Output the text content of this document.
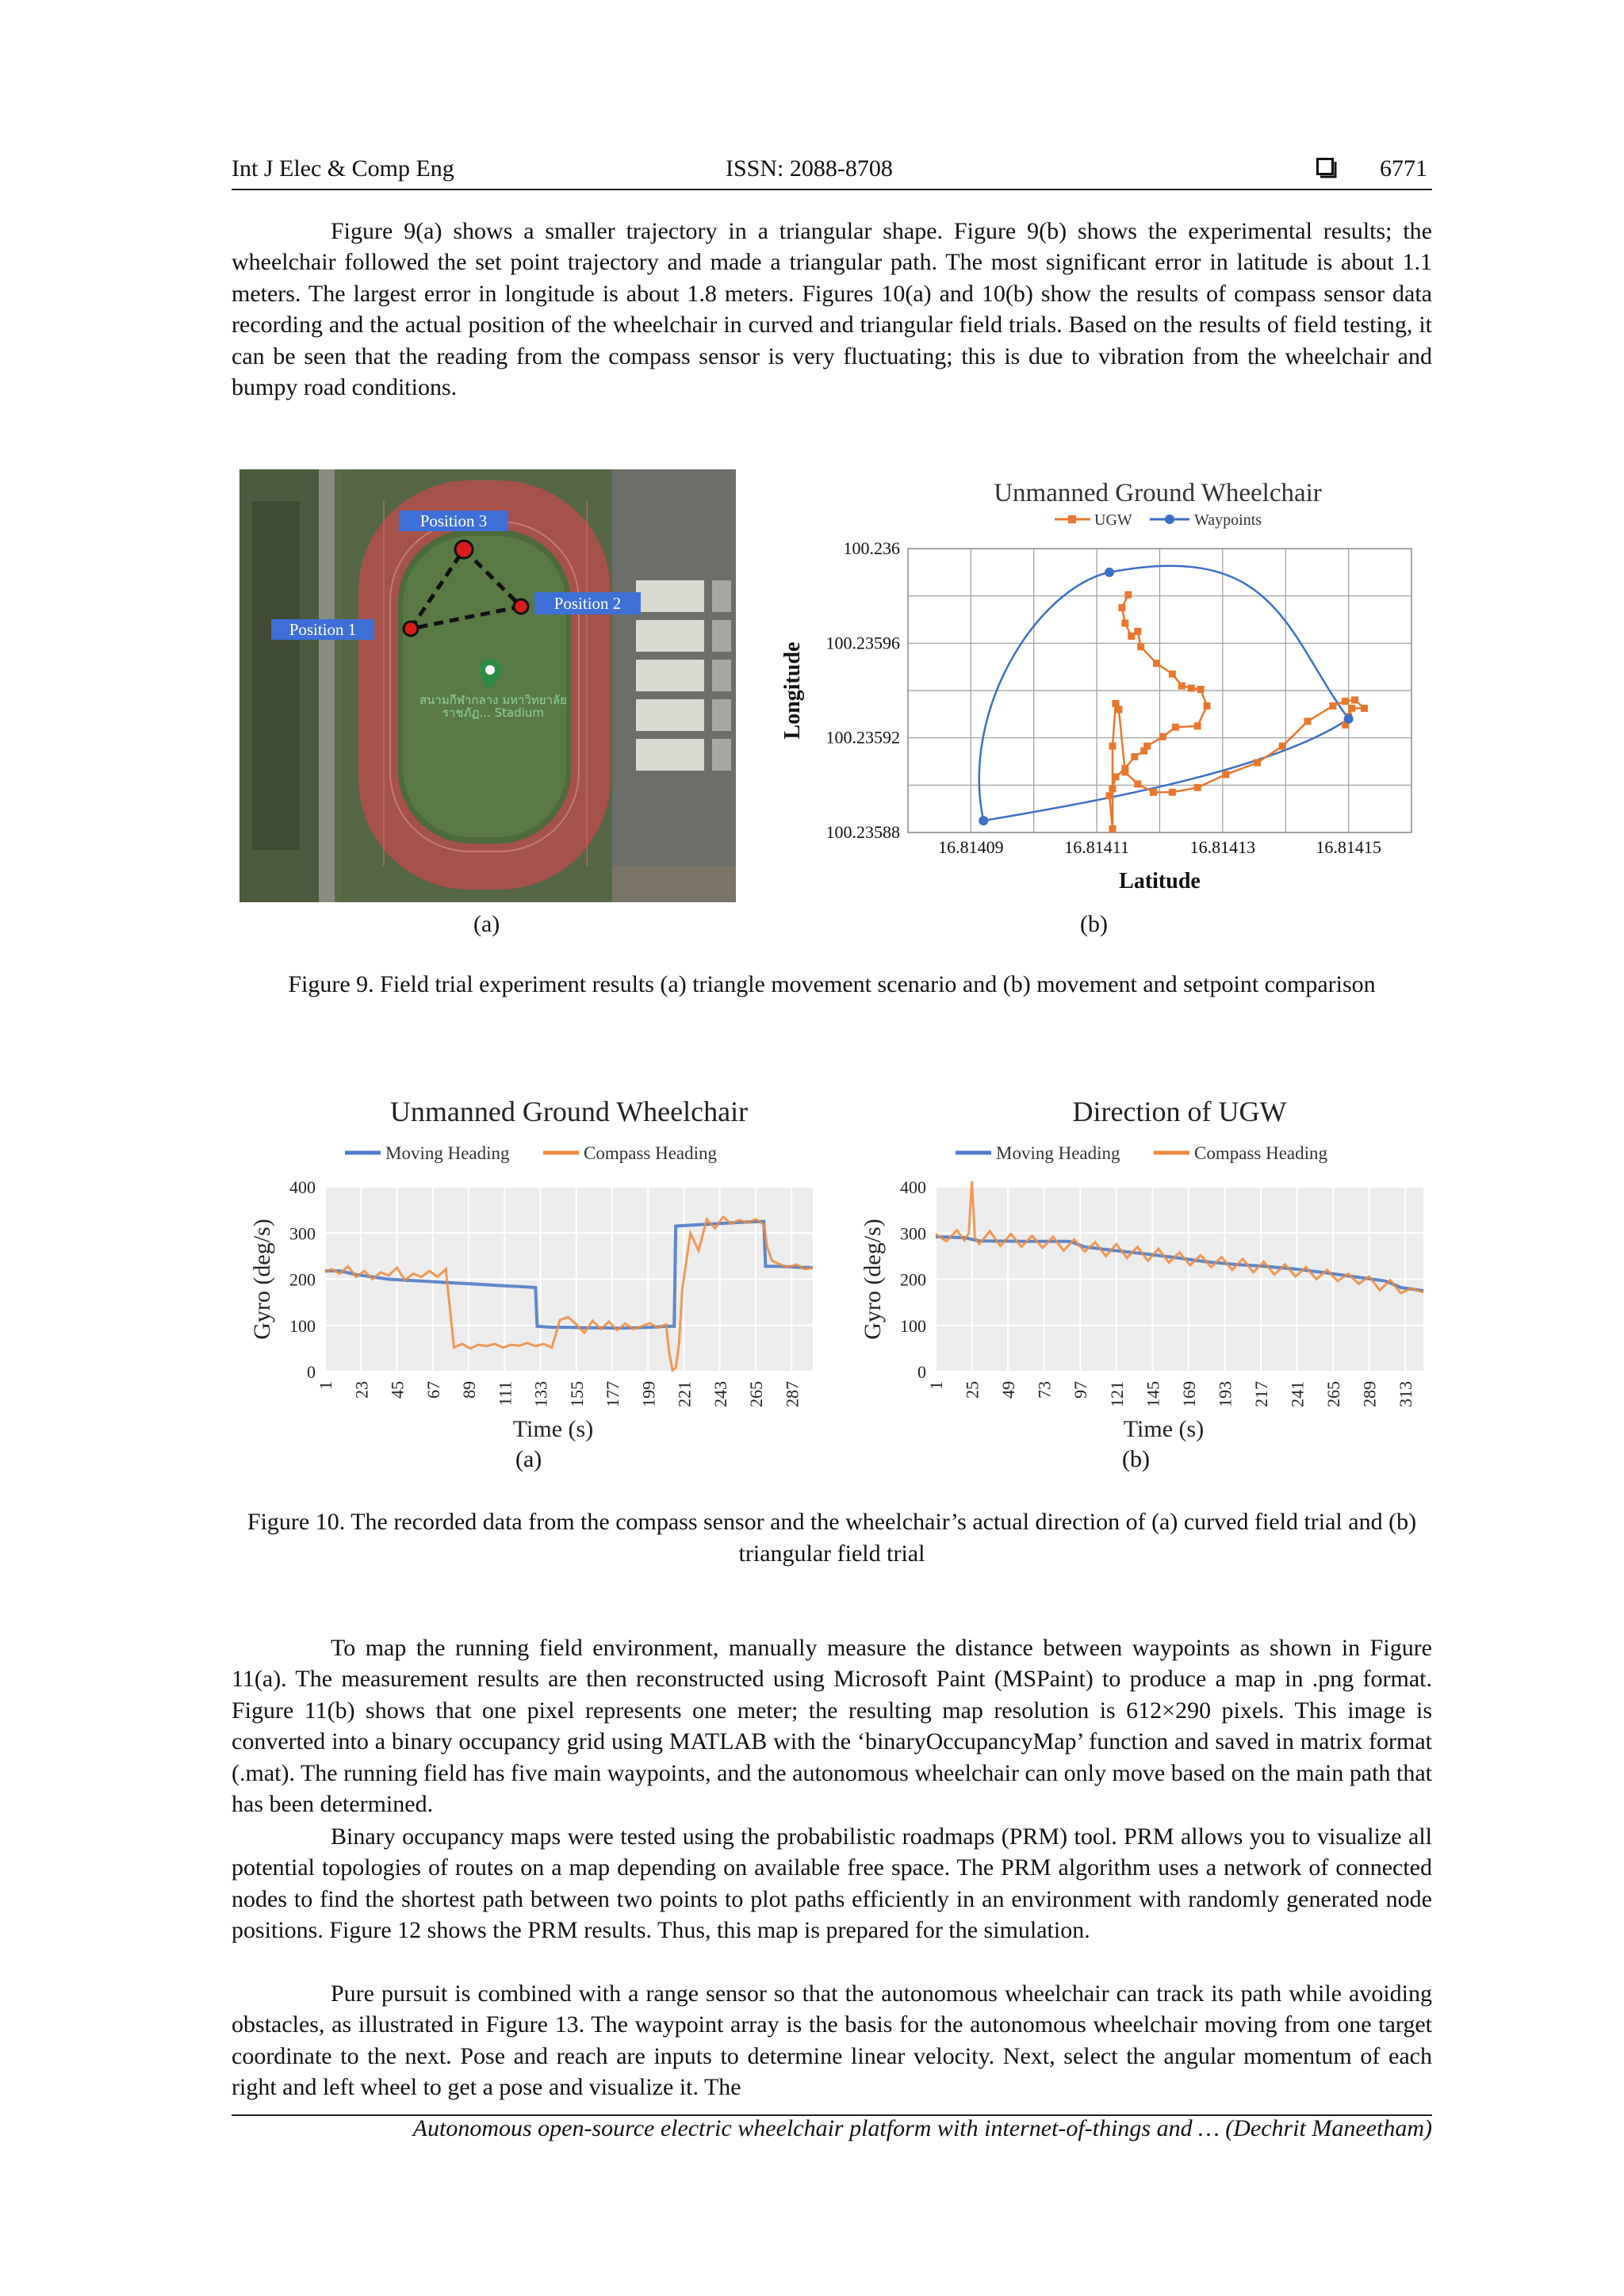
Int J Elec & Comp Eng	ISSN: 2088-8708	6771

Figure 9(a) shows a smaller trajectory in a triangular shape. Figure 9(b) shows the experimental results; the wheelchair followed the set point trajectory and made a triangular path. The most significant error in latitude is about 1.1 meters. The largest error in longitude is about 1.8 meters. Figures 10(a) and 10(b) show the results of compass sensor data recording and the actual position of the wheelchair in curved and triangular field trials. Based on the results of field testing, it can be seen that the reading from the compass sensor is very fluctuating; this is due to vibration from the wheelchair and bumpy road conditions.

Position 1
Position 2
Position 3
สนามกีฬากลาง มหาวิทยาลัยราชภัฏ... Stadium
16.81409	16.81411	16.81413	16.81415
100.236
100.23596
100.23592
100.23588
Latitude
Longitude
Unmanned Ground Wheelchair
UGW	Waypoints
(a)	(b)

Figure 9. Field trial experiment results (a) triangle movement scenario and (b) movement and setpoint comparison

0
100
200
300
400
1 23 45 67 89 111 133 155 177 199 221 243 265 287
Time (s)
Gyro (deg/s)
Unmanned Ground Wheelchair
Moving Heading	Compass Heading
0
100
200
300
400
1 25 49 73 97 121 145 169 193 217 241 265 289 313
Time (s)
Gyro (deg/s)
Direction of UGW
Moving Heading	Compass Heading
(a)	(b)

Figure 10. The recorded data from the compass sensor and the wheelchair’s actual direction of (a) curved field trial and (b) triangular field trial

To map the running field environment, manually measure the distance between waypoints as shown in Figure 11(a). The measurement results are then reconstructed using Microsoft Paint (MSPaint) to produce a map in .png format. Figure 11(b) shows that one pixel represents one meter; the resulting map resolution is 612×290 pixels. This image is converted into a binary occupancy grid using MATLAB with the ‘binaryOccupancyMap’ function and saved in matrix format (.mat). The running field has five main waypoints, and the autonomous wheelchair can only move based on the main path that has been determined.

Binary occupancy maps were tested using the probabilistic roadmaps (PRM) tool. PRM allows you to visualize all potential topologies of routes on a map depending on available free space. The PRM algorithm uses a network of connected nodes to find the shortest path between two points to plot paths efficiently in an environment with randomly generated node positions. Figure 12 shows the PRM results. Thus, this map is prepared for the simulation.

Pure pursuit is combined with a range sensor so that the autonomous wheelchair can track its path while avoiding obstacles, as illustrated in Figure 13. The waypoint array is the basis for the autonomous wheelchair moving from one target coordinate to the next. Pose and reach are inputs to determine linear velocity. Next, select the angular momentum of each right and left wheel to get a pose and visualize it. The

Autonomous open-source electric wheelchair platform with internet-of-things and … (Dechrit Maneetham)
